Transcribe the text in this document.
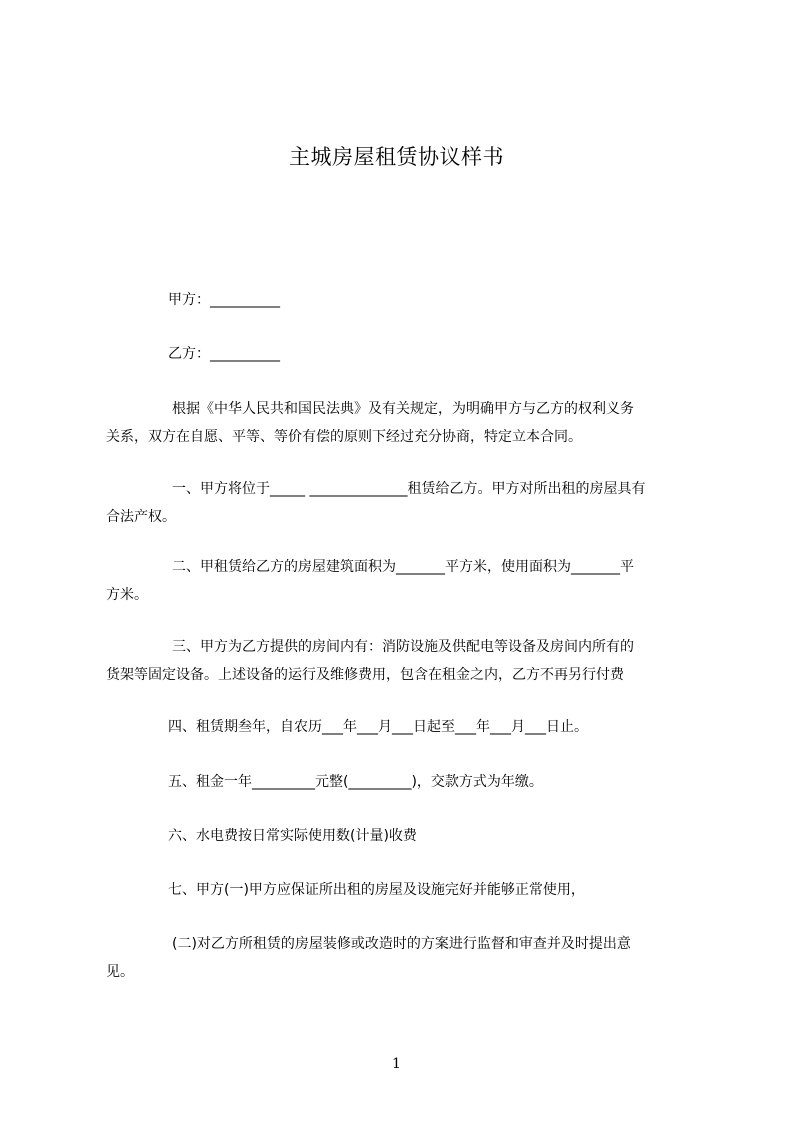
主城房屋租赁协议样书
甲方：__________
乙方：__________
根据《中华人民共和国民法典》及有关规定，为明确甲方与乙方的权利义务
关系，双方在自愿、平等、等价有偿的原则下经过充分协商，特定立本合同。
一、甲方将位于_____ ______________租赁给乙方。甲方对所出租的房屋具有
合法产权。
二、甲租赁给乙方的房屋建筑面积为_______平方米，使用面积为_______平
方米。
三、甲方为乙方提供的房间内有：消防设施及供配电等设备及房间内所有的
货架等固定设备。上述设备的运行及维修费用，包含在租金之内，乙方不再另行付费
四、租赁期叁年，自农历___年___月___日起至___年___月___日止。
五、租金一年_________元整(_________)，交款方式为年缴。
六、水电费按日常实际使用数(计量)收费
七、甲方(一)甲方应保证所出租的房屋及设施完好并能够正常使用，
(二)对乙方所租赁的房屋装修或改造时的方案进行监督和审查并及时提出意
见。
1
